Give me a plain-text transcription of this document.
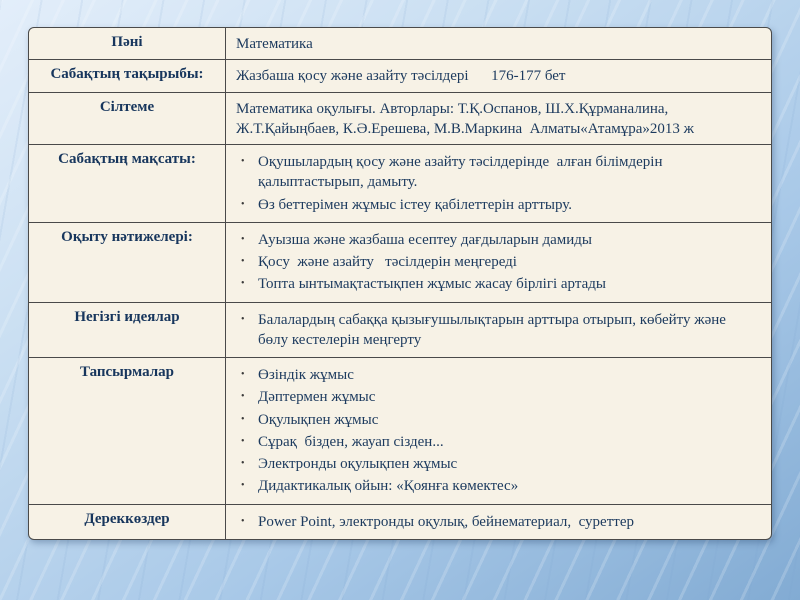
Пәні	Математика
Сабақтың тақырыбы:	Жазбаша қосу және азайту тәсілдері      176-177 бет
Сілтеме	Математика оқулығы. Авторлары: Т.Қ.Оспанов, Ш.Х.Құрманалина, Ж.Т.Қайыңбаев, К.Ә.Ерешева, М.В.Маркина  Алматы«Атамұра»2013 ж
Сабақтың мақсаты:	• Оқушылардың қосу және азайту тәсілдерінде  алған білімдерін қалыптастырып, дамыту.
• Өз беттерімен жұмыс істеу қабілеттерін арттыру.
Оқыту нәтижелері:	• Ауызша және жазбаша есептеу дағдыларын дамиды
• Қосу  және азайту   тәсілдерін меңгереді
• Топта ынтымақтастықпен жұмыс жасау бірлігі артады
Негізгі идеялар	• Балалардың сабаққа қызығушылықтарын арттыра отырып, көбейту және бөлу кестелерін меңгерту
Тапсырмалар	• Өзіндік жұмыс
• Дәптермен жұмыс
• Оқулықпен жұмыс
• Сұрақ  бізден, жауап сізден...
• Электронды оқулықпен жұмыс
• Дидактикалық ойын: «Қоянға көмектес»
Дереккөздер	• Power Point, электронды оқулық, бейнематериал,  суреттер
